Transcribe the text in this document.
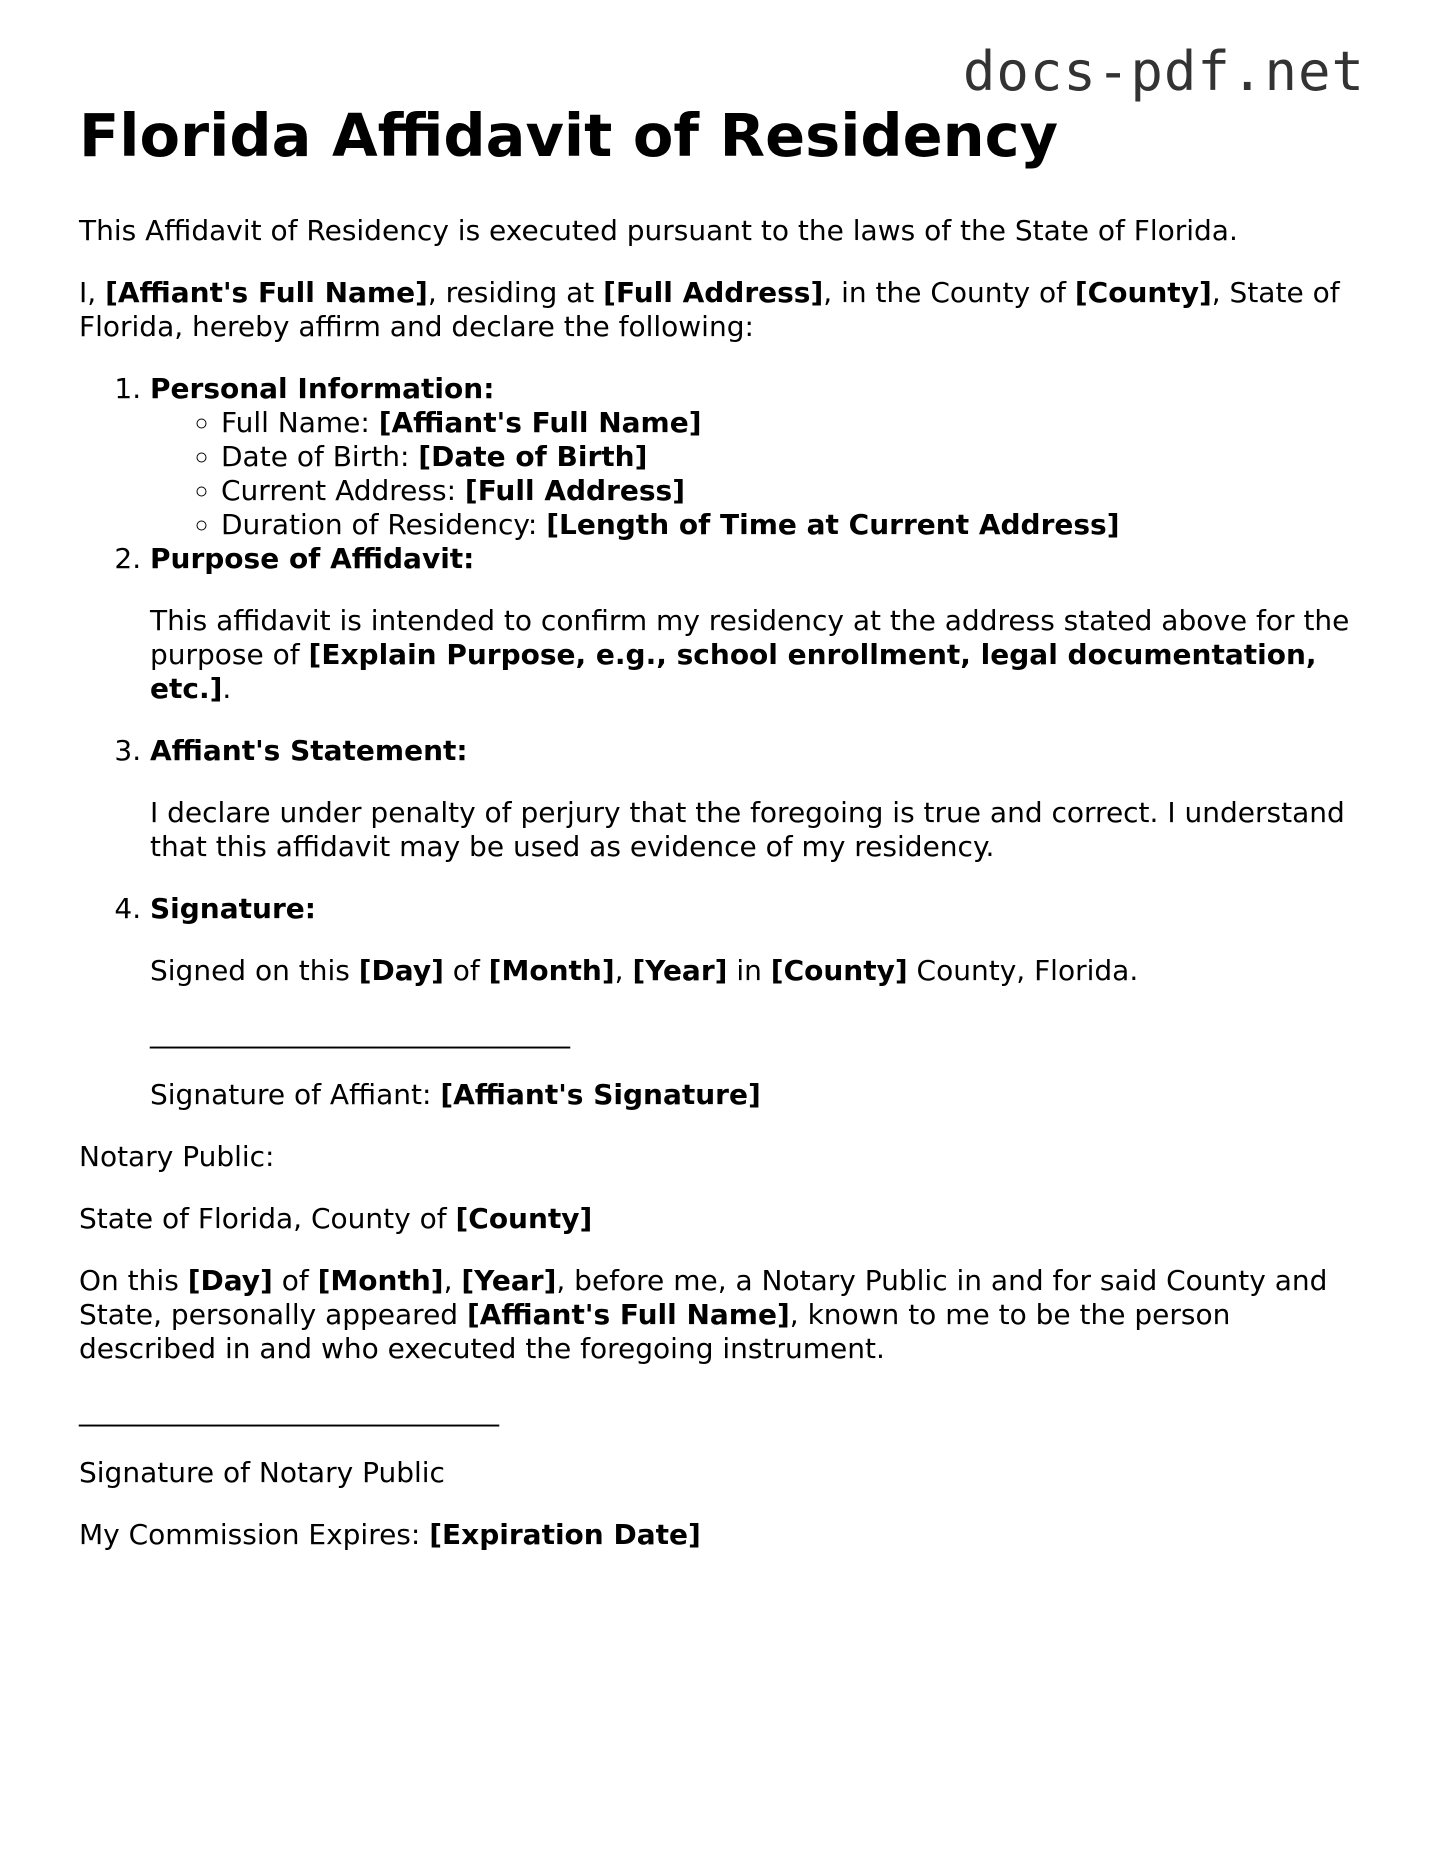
docs-pdf.net
Florida Affidavit of Residency

This Affidavit of Residency is executed pursuant to the laws of the State of Florida.

I, [Affiant's Full Name], residing at [Full Address], in the County of [County], State of Florida, hereby affirm and declare the following:

1. Personal Information:
◦ Full Name: [Affiant's Full Name]
◦ Date of Birth: [Date of Birth]
◦ Current Address: [Full Address]
◦ Duration of Residency: [Length of Time at Current Address]
2. Purpose of Affidavit:

This affidavit is intended to confirm my residency at the address stated above for the purpose of [Explain Purpose, e.g., school enrollment, legal documentation, etc.].

3. Affiant's Statement:

I declare under penalty of perjury that the foregoing is true and correct. I understand that this affidavit may be used as evidence of my residency.

4. Signature:

Signed on this [Day] of [Month], [Year] in [County] County, Florida.

______________________________

Signature of Affiant: [Affiant's Signature]

Notary Public:

State of Florida, County of [County]

On this [Day] of [Month], [Year], before me, a Notary Public in and for said County and State, personally appeared [Affiant's Full Name], known to me to be the person described in and who executed the foregoing instrument.

______________________________

Signature of Notary Public

My Commission Expires: [Expiration Date]
